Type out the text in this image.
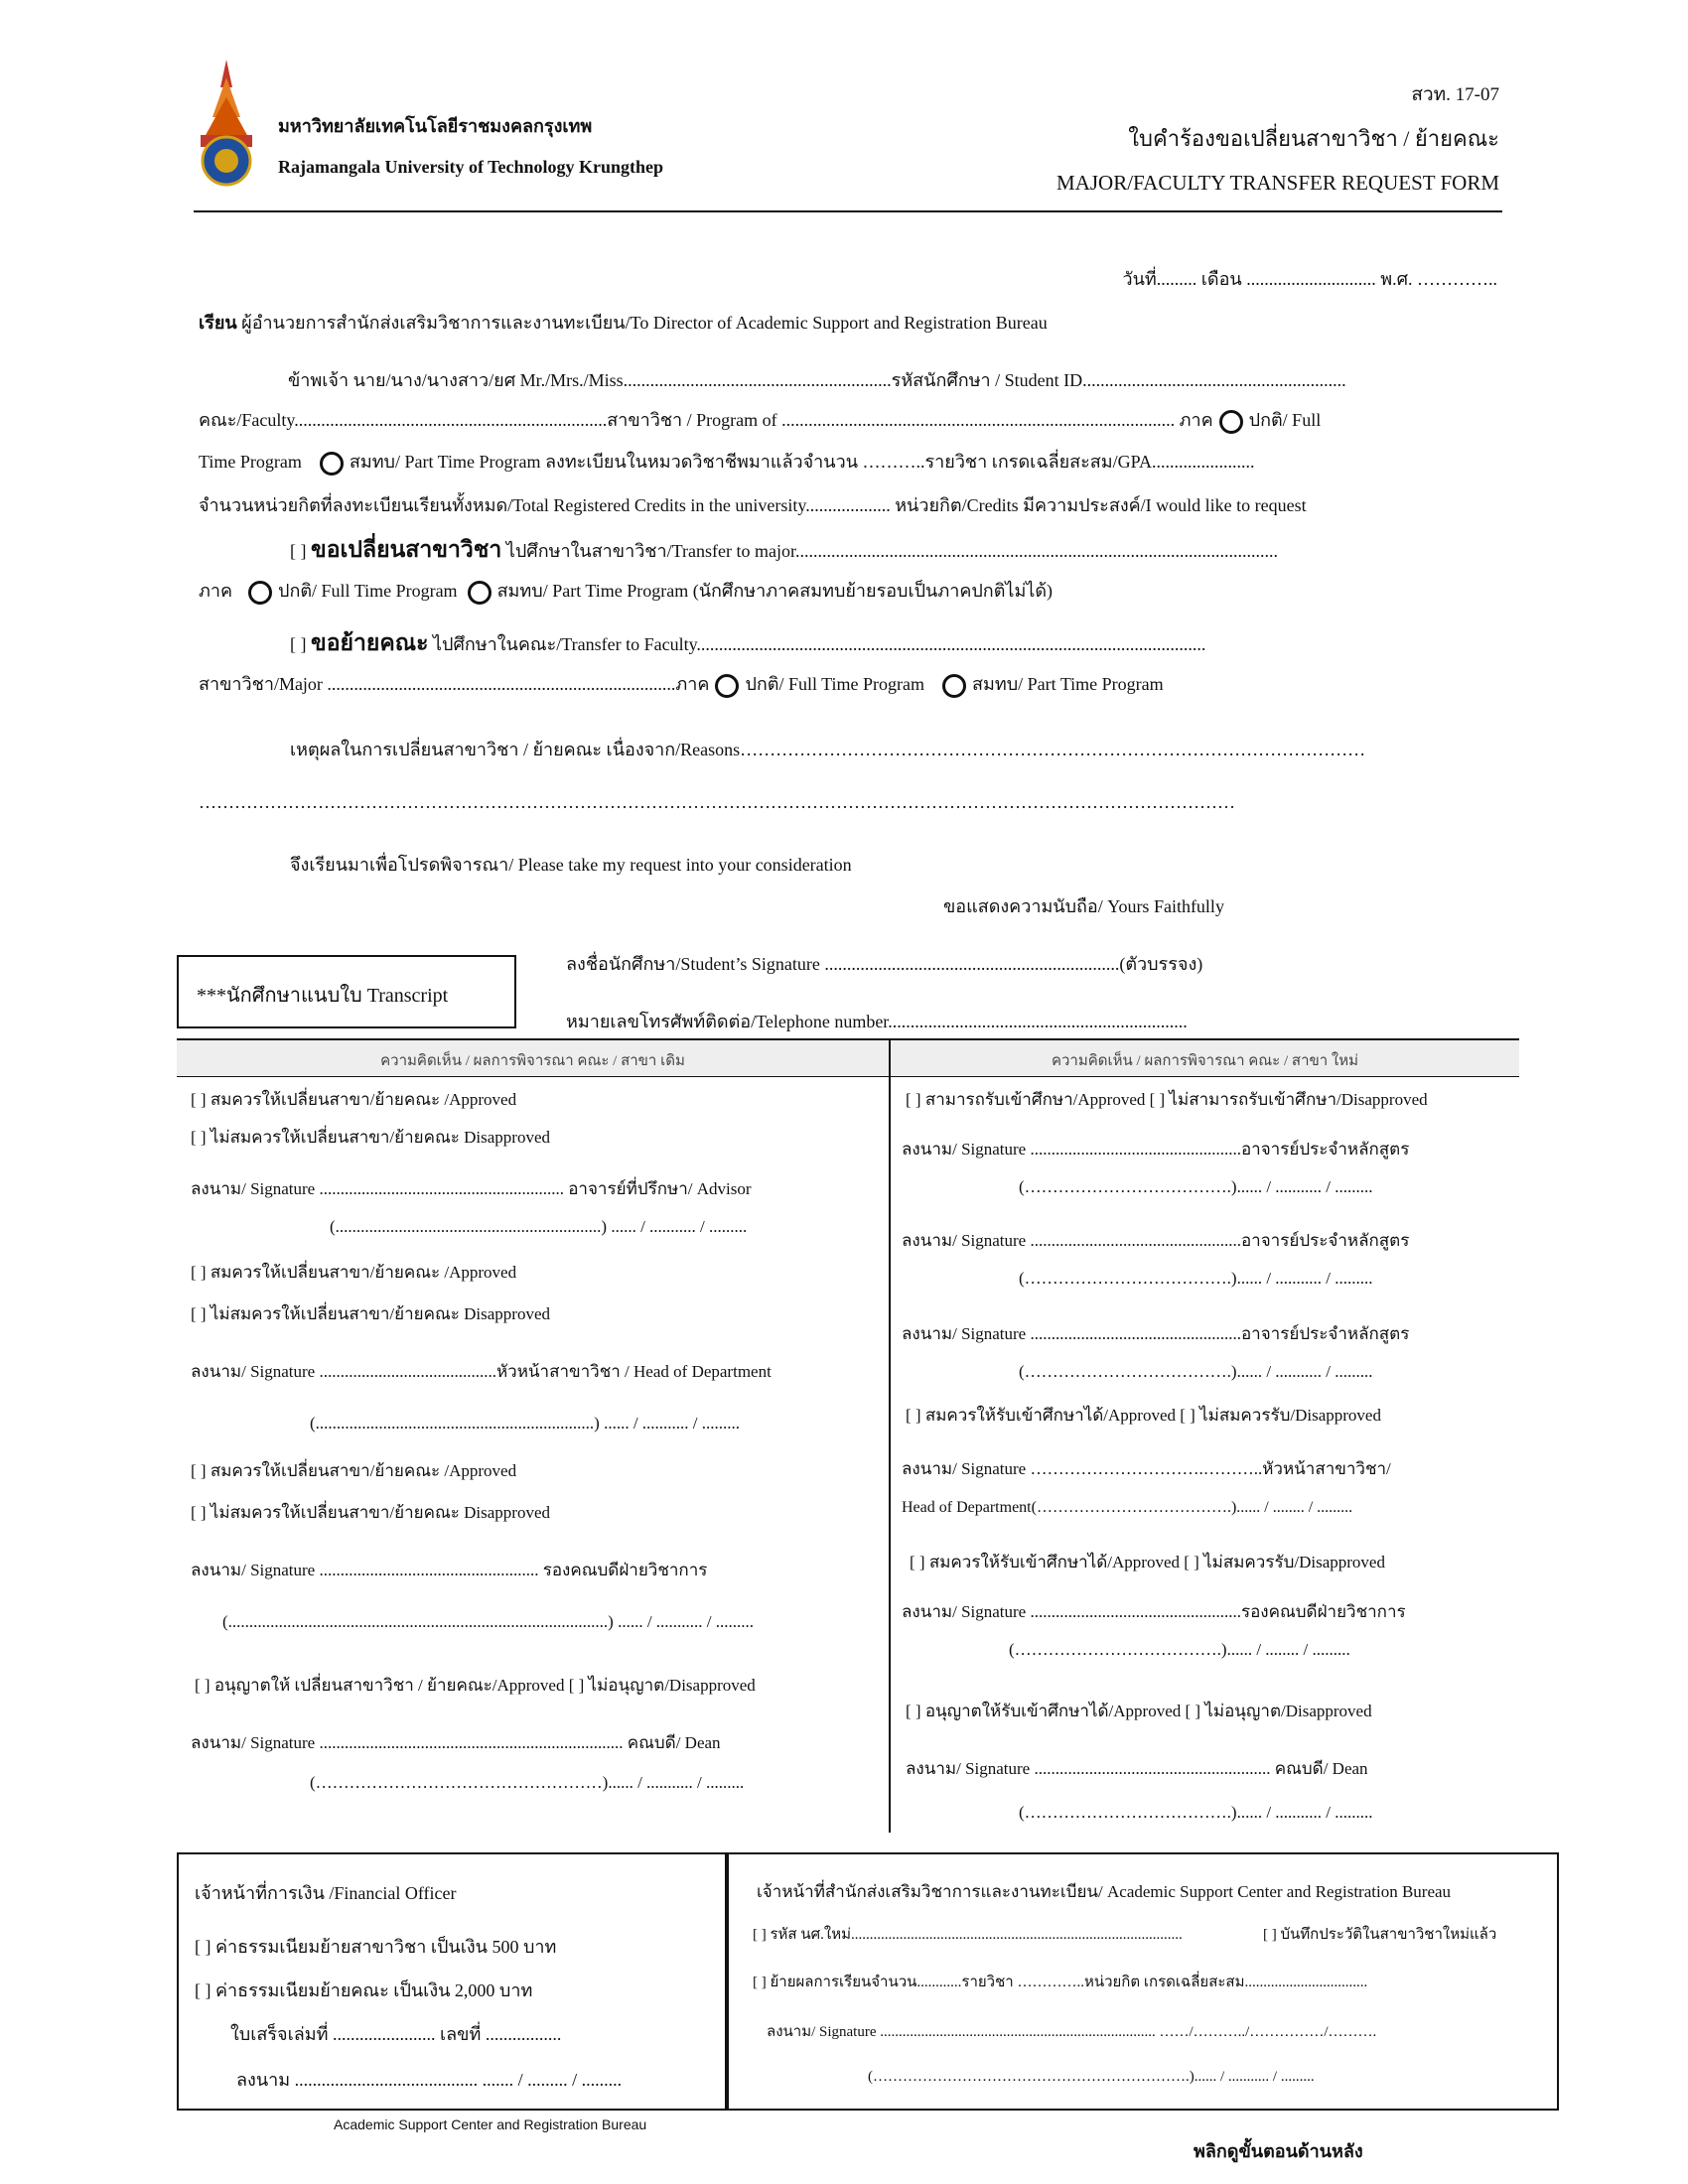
มหาวิทยาลัยเทคโนโลยีราชมงคลกรุงเทพ
Rajamangala University of Technology Krungthep
สวท. 17-07
ใบคำร้องขอเปลี่ยนสาขาวิชา / ย้ายคณะ
MAJOR/FACULTY TRANSFER REQUEST FORM
วันที่......... เดือน ............................. พ.ศ. …………..
เรียน ผู้อำนวยการสำนักส่งเสริมวิชาการและงานทะเบียน/To Director of Academic Support and Registration Bureau
ข้าพเจ้า นาย/นาง/นางสาว/ยศ Mr./Mrs./Miss............................................................รหัสนักศึกษา / Student ID...........................................................
คณะ/Faculty......................................................................สาขาวิชา / Program of ........................................................................................ ภาค ปกติ/ Full
Time Program	สมทบ/ Part Time Program ลงทะเบียนในหมวดวิชาชีพมาแล้วจำนวน ………..รายวิชา เกรดเฉลี่ยสะสม/GPA.......................
จำนวนหน่วยกิตที่ลงทะเบียนเรียนทั้งหมด/Total Registered Credits in the university................... หน่วยกิต/Credits มีความประสงค์/I would like to request
[ ] ขอเปลี่ยนสาขาวิชา ไปศึกษาในสาขาวิชา/Transfer to major............................................................................................................
ภาค	ปกติ/ Full Time Program สมทบ/ Part Time Program (นักศึกษาภาคสมทบย้ายรอบเป็นภาคปกติไม่ได้)
[ ] ขอย้ายคณะ ไปศึกษาในคณะ/Transfer to Faculty..................................................................................................................
สาขาวิชา/Major ..............................................................................ภาค ปกติ/ Full Time Program	สมทบ/ Part Time Program
เหตุผลในการเปลี่ยนสาขาวิชา / ย้ายคณะ เนื่องจาก/Reasons……………………………………………………………………………………………
…………………………………………………………………………………………………………………………………………………………
จึงเรียนมาเพื่อโปรดพิจารณา/ Please take my request into your consideration
ขอแสดงความนับถือ/ Yours Faithfully
***นักศึกษาแนบใบ Transcript
ลงชื่อนักศึกษา/Student’s Signature ..................................................................(ตัวบรรจง)
หมายเลขโทรศัพท์ติดต่อ/Telephone number...................................................................
ความคิดเห็น / ผลการพิจารณา คณะ / สาขา เดิม	ความคิดเห็น / ผลการพิจารณา คณะ / สาขา ใหม่
[ ] สมควรให้เปลี่ยนสาขา/ย้ายคณะ /Approved
[ ] ไม่สมควรให้เปลี่ยนสาขา/ย้ายคณะ Disapproved
ลงนาม/ Signature .......................................................... อาจารย์ที่ปรึกษา/ Advisor
(...............................................................) ...... / ........... / .........
[ ] สมควรให้เปลี่ยนสาขา/ย้ายคณะ /Approved
[ ] ไม่สมควรให้เปลี่ยนสาขา/ย้ายคณะ Disapproved
ลงนาม/ Signature ..........................................หัวหน้าสาขาวิชา / Head of Department
(..................................................................) ...... / ........... / .........
[ ] สมควรให้เปลี่ยนสาขา/ย้ายคณะ /Approved
[ ] ไม่สมควรให้เปลี่ยนสาขา/ย้ายคณะ Disapproved
ลงนาม/ Signature .................................................... รองคณบดีฝ่ายวิชาการ
(..........................................................................................) ...... / ........... / .........
[ ] อนุญาตให้ เปลี่ยนสาขาวิชา / ย้ายคณะ/Approved [ ] ไม่อนุญาต/Disapproved
ลงนาม/ Signature ........................................................................ คณบดี/ Dean
(……………………………………………)...... / ........... / .........
[ ] สามารถรับเข้าศึกษา/Approved [ ] ไม่สามารถรับเข้าศึกษา/Disapproved
ลงนาม/ Signature ..................................................อาจารย์ประจำหลักสูตร
(……………………………….)...... / ........... / .........
ลงนาม/ Signature ..................................................อาจารย์ประจำหลักสูตร
(……………………………….)...... / ........... / .........
ลงนาม/ Signature ..................................................อาจารย์ประจำหลักสูตร
(……………………………….)...... / ........... / .........
[ ] สมควรให้รับเข้าศึกษาได้/Approved [ ] ไม่สมควรรับ/Disapproved
ลงนาม/ Signature ………………………….………..หัวหน้าสาขาวิชา/
Head of Department(……………………………….)...... / ........ / .........
[ ] สมควรให้รับเข้าศึกษาได้/Approved [ ] ไม่สมควรรับ/Disapproved
ลงนาม/ Signature ..................................................รองคณบดีฝ่ายวิชาการ
(……………………………….)...... / ........ / .........
[ ] อนุญาตให้รับเข้าศึกษาได้/Approved [ ] ไม่อนุญาต/Disapproved
ลงนาม/ Signature ........................................................ คณบดี/ Dean
(……………………………….)...... / ........... / .........
เจ้าหน้าที่การเงิน /Financial Officer
[ ] ค่าธรรมเนียมย้ายสาขาวิชา เป็นเงิน 500 บาท
[ ] ค่าธรรมเนียมย้ายคณะ เป็นเงิน 2,000 บาท
ใบเสร็จเล่มที่ ....................... เลขที่ .................
ลงนาม ......................................... ....... / ......... / .........
เจ้าหน้าที่สำนักส่งเสริมวิชาการและงานทะเบียน/ Academic Support Center and Registration Bureau
[ ] รหัส นศ.ใหม่.........................................................................................	[ ] บันทึกประวัติในสาขาวิชาใหม่แล้ว
[ ] ย้ายผลการเรียนจำนวน............รายวิชา …………..หน่วยกิต เกรดเฉลี่ยสะสม.................................
ลงนาม/ Signature .......................................................................... ……/………../……………/……….
(……………………………………………………….)...... / ........... / .........
Academic Support Center and Registration Bureau
พลิกดูขั้นตอนด้านหลัง
